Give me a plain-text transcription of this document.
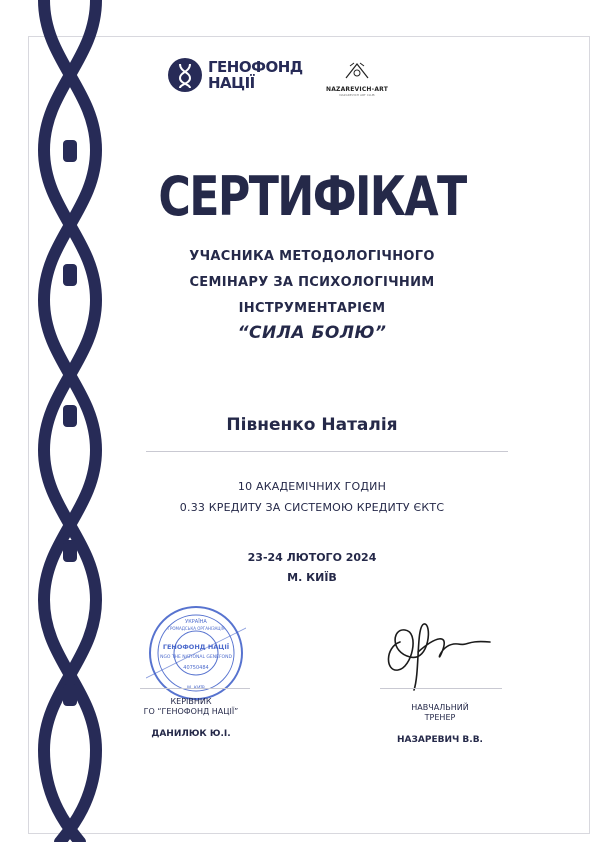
ГЕНОФОНД
НАЦІЇ	NAZAREVICH-ART
NAZAREVICH ART CLUB
СЕРТИФІКАТ
УЧАСНИКА МЕТОДОЛОГІЧНОГО
СЕМІНАРУ ЗА ПСИХОЛОГІЧНИМ
ІНСТРУМЕНТАРІЄМ
“СИЛА БОЛЮ”
Півненко Наталія
10 АКАДЕМІЧНИХ ГОДИН
0.33 КРЕДИТУ ЗА СИСТЕМОЮ КРЕДИТУ ЄКТС
23-24 ЛЮТОГО 2024
М. КИЇВ
УКРАЇНА
ГРОМАДСЬКА ОРГАНІЗАЦІЯ
ГЕНОФОНД НАЦІЇ
NGO THE NATIONAL GENEFOND
40750484
КЕРІВНИК
ГО “ГЕНОФОНД НАЦІЇ”
ДАНИЛЮК Ю.І.
НАВЧАЛЬНИЙ
ТРЕНЕР
НАЗАРЕВИЧ В.В.
